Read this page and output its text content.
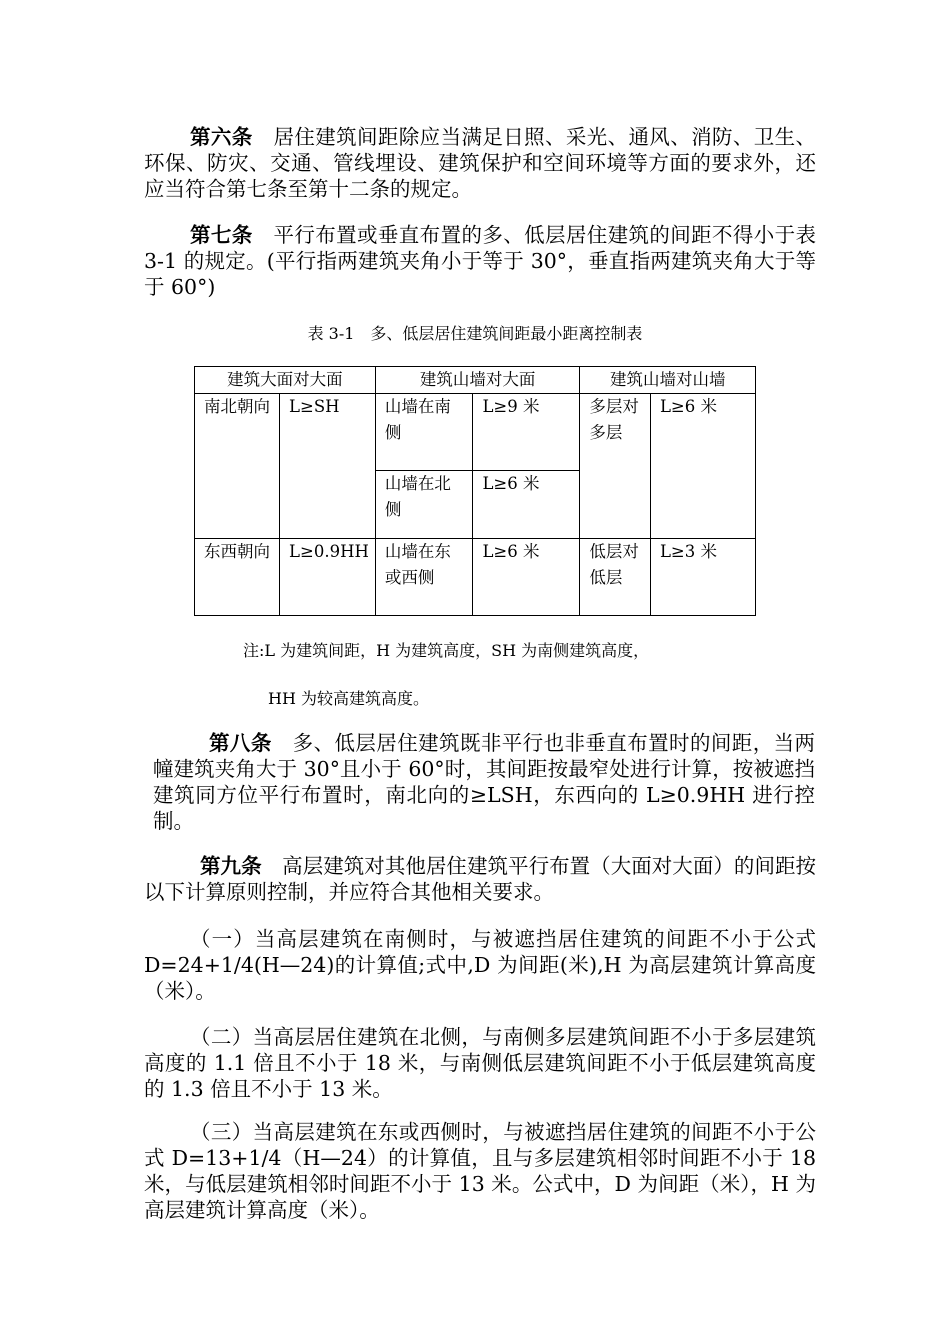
第六条　 居住建筑间距除应当满足日照、采光、通风、消防、卫生、环保、防灾、交通、管线埋设、建筑保护和空间环境等方面的要求外，还应当符合第七条至第十二条的规定。
第七条　 平行布置或垂直布置的多、低层居住建筑的间距不得小于表 3-1 的规定。(平行指两建筑夹角小于等于 30°，垂直指两建筑夹角大于等于 60°)
表 3-1　多、低层居住建筑间距最小距离控制表
建筑大面对大面		建筑山墙对大面		建筑山墙对山墙	
南北朝向	L≥SH	山墙在南侧	L≥9 米	多层对多层	L≥6 米
		山墙在北侧	L≥6 米		
东西朝向	L≥0.9HH	山墙在东或西侧	L≥6 米	低层对低层	L≥3 米
注:L 为建筑间距，H 为建筑高度，SH 为南侧建筑高度，
HH 为较高建筑高度。
第八条　 多、低层居住建筑既非平行也非垂直布置时的间距，当两幢建筑夹角大于 30°且小于 60°时，其间距按最窄处进行计算，按被遮挡建筑同方位平行布置时，南北向的≥LSH，东西向的 L≥0.9HH 进行控制。
第九条　 高层建筑对其他居住建筑平行布置（大面对大面）的间距按以下计算原则控制，并应符合其他相关要求。
（一）当高层建筑在南侧时，与被遮挡居住建筑的间距不小于公式 D=24+1/4(H—24)的计算值;式中,D 为间距(米),H 为高层建筑计算高度（米）。
（二）当高层居住建筑在北侧，与南侧多层建筑间距不小于多层建筑高度的 1.1 倍且不小于 18 米，与南侧低层建筑间距不小于低层建筑高度的 1.3 倍且不小于 13 米。
（三）当高层建筑在东或西侧时，与被遮挡居住建筑的间距不小于公式 D=13+1/4（H—24）的计算值，且与多层建筑相邻时间距不小于 18 米，与低层建筑相邻时间距不小于 13 米。公式中，D 为间距（米），H 为高层建筑计算高度（米）。
